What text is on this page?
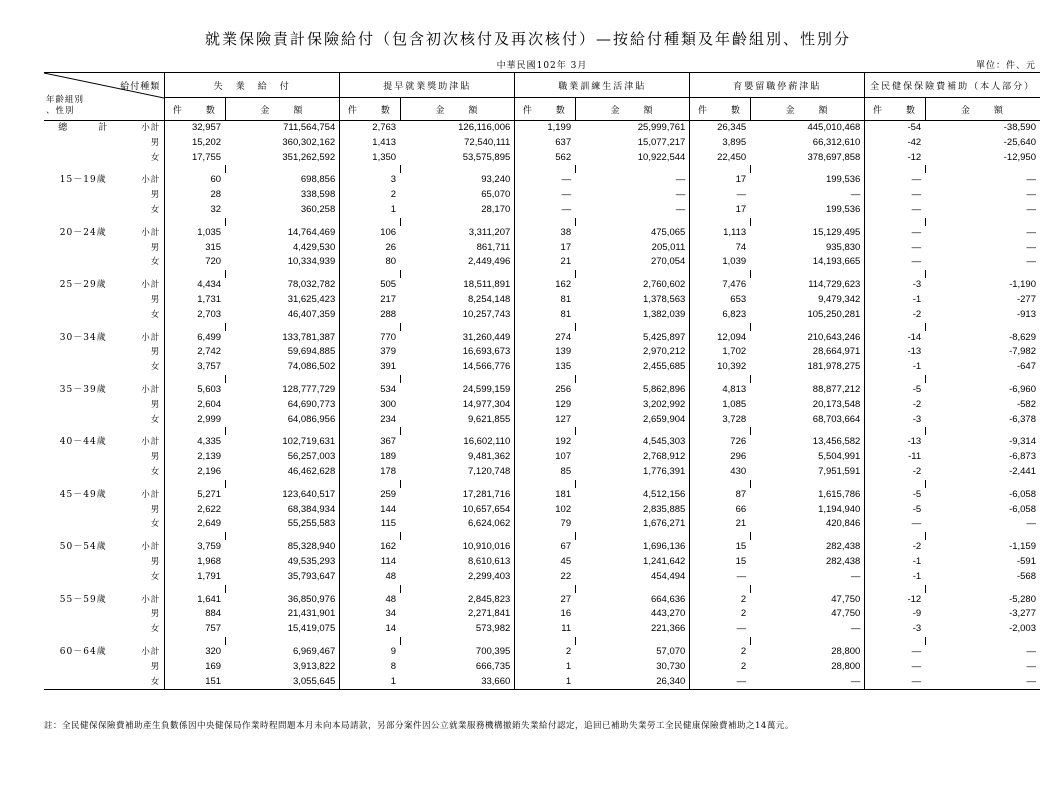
就業保險責計保險給付（包含初次核付及再次核付）—按給付種類及年齡組別、性別分
中華民國102年 3月	單位：件、元
給付種類
年齡組別
、性別		失　業　給　付		提早就業獎助津貼		職業訓練生活津貼		育嬰留職停薪津貼		全民健保保險費補助（本人部分）	
		件　　數	金　　額	件　　數	金　　額	件　　數	金　　額	件　　數	金　　額	件　　數	金　　額
總　　　計	小計	32,957	711,564,754	2,763	126,116,006	1,199	25,999,761	26,345	445,010,468	-54	-38,590
	男	15,202	360,302,162	1,413	72,540,111	637	15,077,217	3,895	66,312,610	-42	-25,640
	女	17,755	351,262,592	1,350	53,575,895	562	10,922,544	22,450	378,697,858	-12	-12,950

15－19歲	小計	60	698,856	3	93,240	—	—	17	199,536	—	—
	男	28	338,598	2	65,070	—	—	—	—	—	—
	女	32	360,258	1	28,170	—	—	17	199,536	—	—

20－24歲	小計	1,035	14,764,469	106	3,311,207	38	475,065	1,113	15,129,495	—	—
	男	315	4,429,530	26	861,711	17	205,011	74	935,830	—	—
	女	720	10,334,939	80	2,449,496	21	270,054	1,039	14,193,665	—	—

25－29歲	小計	4,434	78,032,782	505	18,511,891	162	2,760,602	7,476	114,729,623	-3	-1,190
	男	1,731	31,625,423	217	8,254,148	81	1,378,563	653	9,479,342	-1	-277
	女	2,703	46,407,359	288	10,257,743	81	1,382,039	6,823	105,250,281	-2	-913

30－34歲	小計	6,499	133,781,387	770	31,260,449	274	5,425,897	12,094	210,643,246	-14	-8,629
	男	2,742	59,694,885	379	16,693,673	139	2,970,212	1,702	28,664,971	-13	-7,982
	女	3,757	74,086,502	391	14,566,776	135	2,455,685	10,392	181,978,275	-1	-647

35－39歲	小計	5,603	128,777,729	534	24,599,159	256	5,862,896	4,813	88,877,212	-5	-6,960
	男	2,604	64,690,773	300	14,977,304	129	3,202,992	1,085	20,173,548	-2	-582
	女	2,999	64,086,956	234	9,621,855	127	2,659,904	3,728	68,703,664	-3	-6,378

40－44歲	小計	4,335	102,719,631	367	16,602,110	192	4,545,303	726	13,456,582	-13	-9,314
	男	2,139	56,257,003	189	9,481,362	107	2,768,912	296	5,504,991	-11	-6,873
	女	2,196	46,462,628	178	7,120,748	85	1,776,391	430	7,951,591	-2	-2,441

45－49歲	小計	5,271	123,640,517	259	17,281,716	181	4,512,156	87	1,615,786	-5	-6,058
	男	2,622	68,384,934	144	10,657,654	102	2,835,885	66	1,194,940	-5	-6,058
	女	2,649	55,255,583	115	6,624,062	79	1,676,271	21	420,846	—	—

50－54歲	小計	3,759	85,328,940	162	10,910,016	67	1,696,136	15	282,438	-2	-1,159
	男	1,968	49,535,293	114	8,610,613	45	1,241,642	15	282,438	-1	-591
	女	1,791	35,793,647	48	2,299,403	22	454,494	—	—	-1	-568

55－59歲	小計	1,641	36,850,976	48	2,845,823	27	664,636	2	47,750	-12	-5,280
	男	884	21,431,901	34	2,271,841	16	443,270	2	47,750	-9	-3,277
	女	757	15,419,075	14	573,982	11	221,366	—	—	-3	-2,003

60－64歲	小計	320	6,969,467	9	700,395	2	57,070	2	28,800	—	—
	男	169	3,913,822	8	666,735	1	30,730	2	28,800	—	—
	女	151	3,055,645	1	33,660	1	26,340	—	—	—	—
註：全民健保保險費補助產生負數係因中央健保局作業時程問題本月未向本局請款，另部分案件因公立就業服務機構撤銷失業給付認定，追回已補助失業勞工全民健康保險費補助之14萬元。
